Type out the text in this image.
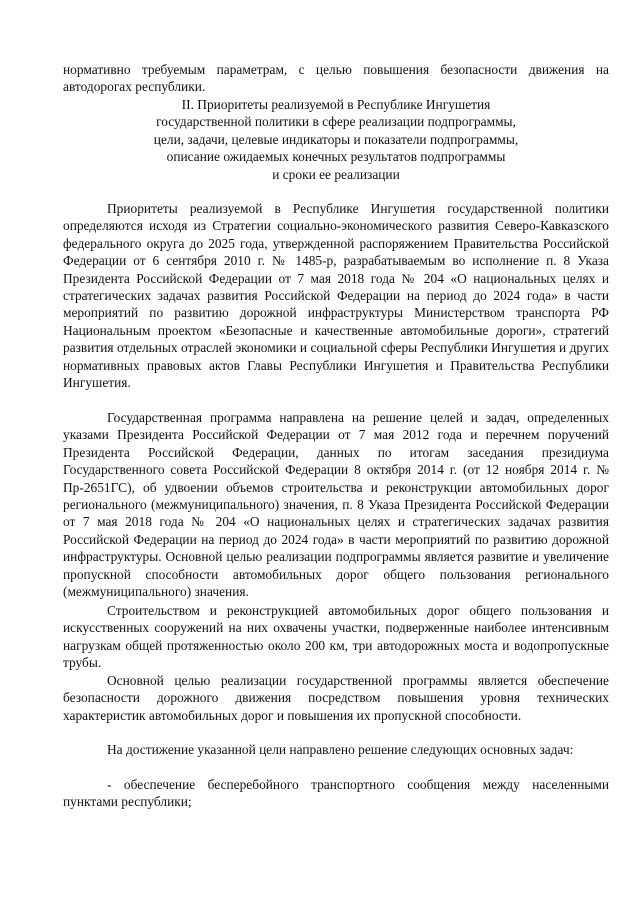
нормативно требуемым параметрам, с целью повышения безопасности движения на автодорогах республики.

II. Приоритеты реализуемой в Республике Ингушетия

государственной политики в сфере реализации подпрограммы,

цели, задачи, целевые индикаторы и показатели подпрограммы,

описание ожидаемых конечных результатов подпрограммы

и сроки ее реализации

Приоритеты реализуемой в Республике Ингушетия государственной политики определяются исходя из Стратегии социально-экономического развития Северо-Кавказского федерального округа до 2025 года, утвержденной распоряжением Правительства Российской Федерации от 6 сентября 2010 г. № 1485-р, разрабатываемым во исполнение п. 8 Указа Президента Российской Федерации от 7 мая 2018 года № 204 «О национальных целях и стратегических задачах развития Российской Федерации на период до 2024 года» в части мероприятий по развитию дорожной инфраструктуры Министерством транспорта РФ Национальным проектом «Безопасные и качественные автомобильные дороги», стратегий развития отдельных отраслей экономики и социальной сферы Республики Ингушетия и других нормативных правовых актов Главы Республики Ингушетия и Правительства Республики Ингушетия.

Государственная программа направлена на решение целей и задач, определенных указами Президента Российской Федерации от 7 мая 2012 года и перечнем поручений Президента Российской Федерации, данных по итогам заседания президиума Государственного совета Российской Федерации 8 октября 2014 г. (от 12 ноября 2014 г. № Пр-2651ГС), об удвоении объемов строительства и реконструкции автомобильных дорог регионального (межмуниципального) значения, п. 8 Указа Президента Российской Федерации от 7 мая 2018 года № 204 «О национальных целях и стратегических задачах развития Российской Федерации на период до 2024 года» в части мероприятий по развитию дорожной инфраструктуры. Основной целью реализации подпрограммы является развитие и увеличение пропускной способности автомобильных дорог общего пользования регионального (межмуниципального) значения.

Строительством и реконструкцией автомобильных дорог общего пользования и искусственных сооружений на них охвачены участки, подверженные наиболее интенсивным нагрузкам общей протяженностью около 200 км, три автодорожных моста и водопропускные трубы.

Основной целью реализации государственной программы является обеспечение безопасности дорожного движения посредством повышения уровня технических характеристик автомобильных дорог и повышения их пропускной способности.

На достижение указанной цели направлено решение следующих основных задач:

- обеспечение бесперебойного транспортного сообщения между населенными пунктами республики;
